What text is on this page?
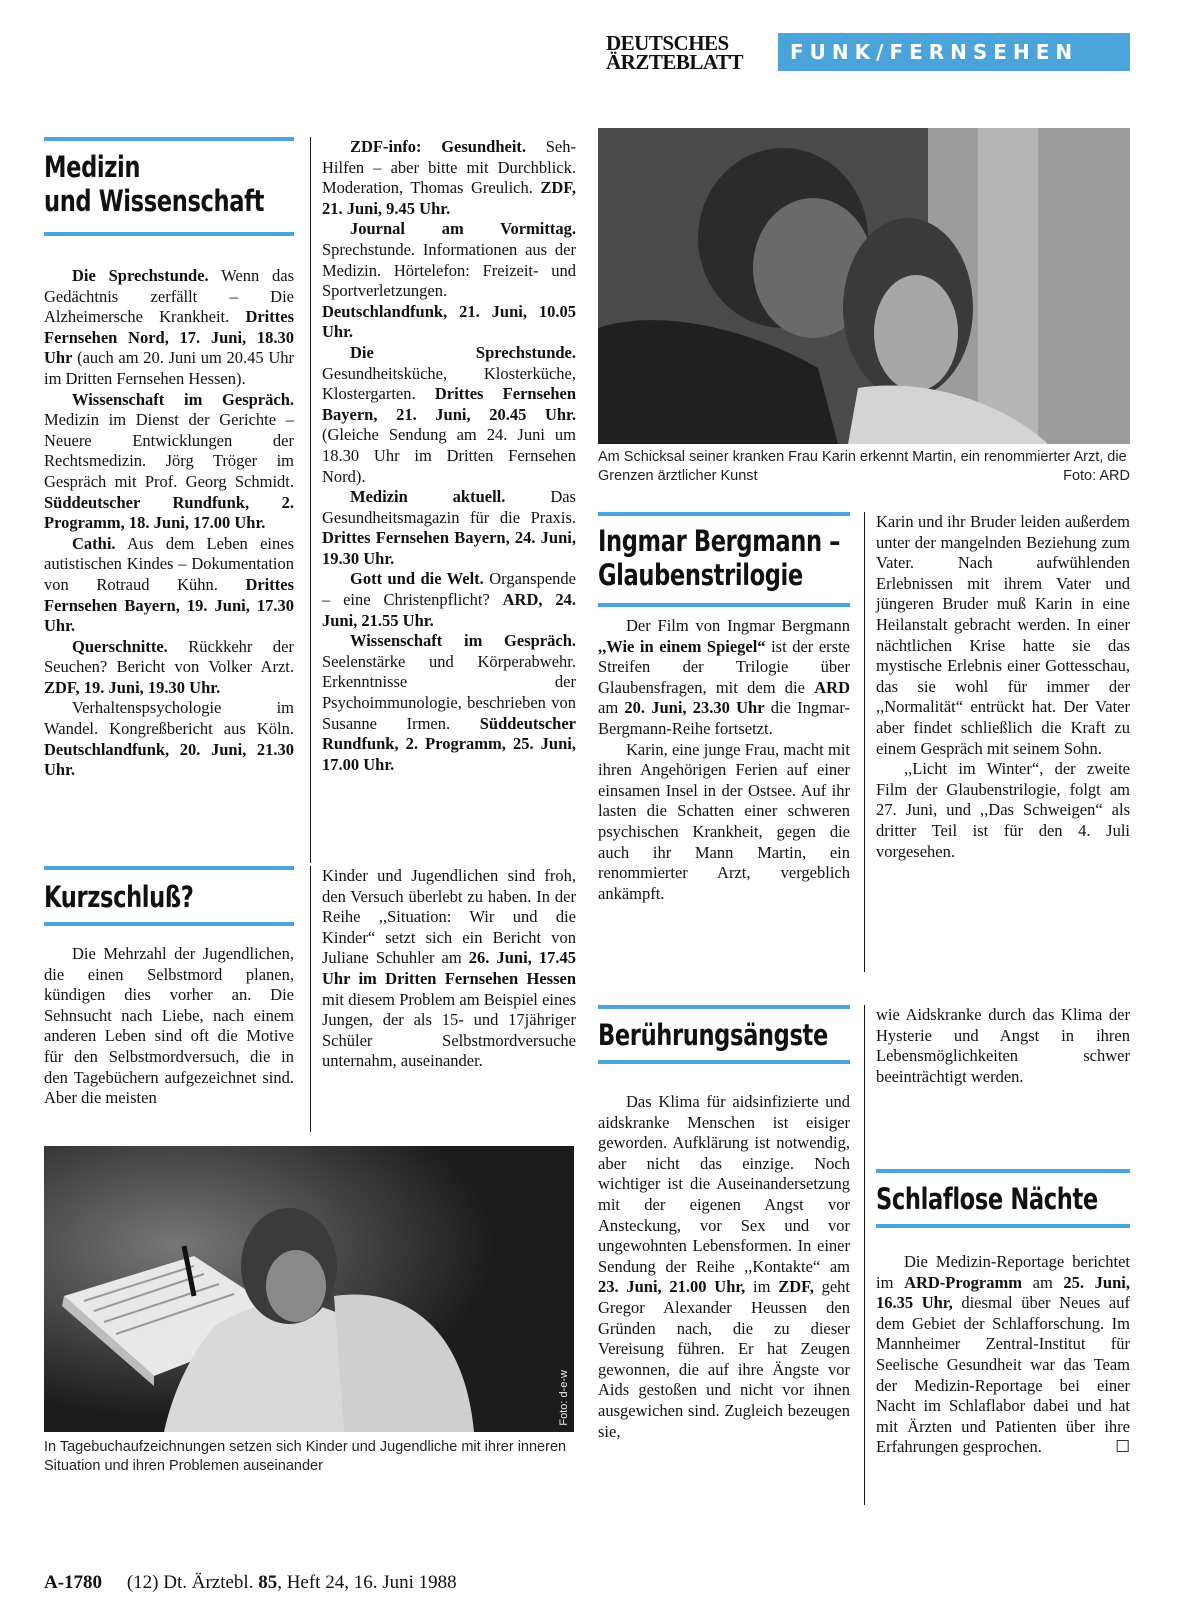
DEUTSCHES
ÄRZTEBLATT	FUNK/FERNSEHEN
Medizin
und Wissenschaft

Die Sprechstunde. Wenn das Gedächtnis zerfällt – Die Alzheimersche Krankheit. Drittes Fernsehen Nord, 17. Juni, 18.30 Uhr (auch am 20. Juni um 20.45 Uhr im Dritten Fernsehen Hessen).

Wissenschaft im Gespräch. Medizin im Dienst der Gerichte – Neuere Entwicklungen der Rechtsmedizin. Jörg Tröger im Gespräch mit Prof. Georg Schmidt. Süddeutscher Rundfunk, 2. Programm, 18. Juni, 17.00 Uhr.

Cathi. Aus dem Leben eines autistischen Kindes – Dokumentation von Rotraud Kühn. Drittes Fernsehen Bayern, 19. Juni, 17.30 Uhr.

Querschnitte. Rückkehr der Seuchen? Bericht von Volker Arzt. ZDF, 19. Juni, 19.30 Uhr.

Verhaltenspsychologie im Wandel. Kongreßbericht aus Köln. Deutschlandfunk, 20. Juni, 21.30 Uhr.

ZDF-info: Gesundheit. Seh-Hilfen – aber bitte mit Durchblick. Moderation, Thomas Greulich. ZDF, 21. Juni, 9.45 Uhr.

Journal am Vormittag. Sprechstunde. Informationen aus der Medizin. Hörtelefon: Freizeit- und Sportverletzungen. Deutschlandfunk, 21. Juni, 10.05 Uhr.

Die Sprechstunde. Gesundheitsküche, Klosterküche, Klostergarten. Drittes Fernsehen Bayern, 21. Juni, 20.45 Uhr. (Gleiche Sendung am 24. Juni um 18.30 Uhr im Dritten Fernsehen Nord).

Medizin aktuell. Das Gesundheitsmagazin für die Praxis. Drittes Fernsehen Bayern, 24. Juni, 19.30 Uhr.

Gott und die Welt. Organspende – eine Christenpflicht? ARD, 24. Juni, 21.55 Uhr.

Wissenschaft im Gespräch. Seelenstärke und Körperabwehr. Erkenntnisse der Psychoimmunologie, beschrieben von Susanne Irmen. Süddeutscher Rundfunk, 2. Programm, 25. Juni, 17.00 Uhr.

Kurzschluß?

Die Mehrzahl der Jugendlichen, die einen Selbstmord planen, kündigen dies vorher an. Die Sehnsucht nach Liebe, nach einem anderen Leben sind oft die Motive für den Selbstmordversuch, die in den Tagebüchern aufgezeichnet sind. Aber die meisten

Kinder und Jugendlichen sind froh, den Versuch überlebt zu haben. In der Reihe ,,Situation: Wir und die Kinder“ setzt sich ein Bericht von Juliane Schuhler am 26. Juni, 17.45 Uhr im Dritten Fernsehen Hessen mit diesem Problem am Beispiel eines Jungen, der als 15- und 17jähriger Schüler Selbstmordversuche unternahm, auseinander.

Foto: d-e-w
In Tagebuchaufzeichnungen setzen sich Kinder und Jugendliche mit ihrer inneren Situation und ihren Problemen auseinander
Am Schicksal seiner kranken Frau Karin erkennt Martin, ein renommierter Arzt, die Grenzen ärztlicher Kunst	Foto: ARD
Ingmar Bergmann –
Glaubenstrilogie

Der Film von Ingmar Bergmann ,,Wie in einem Spiegel“ ist der erste Streifen der Trilogie über Glaubensfragen, mit dem die ARD am 20. Juni, 23.30 Uhr die Ingmar-Bergmann-Reihe fortsetzt.

Karin, eine junge Frau, macht mit ihren Angehörigen Ferien auf einer einsamen Insel in der Ostsee. Auf ihr lasten die Schatten einer schweren psychischen Krankheit, gegen die auch ihr Mann Martin, ein renommierter Arzt, vergeblich ankämpft.

Karin und ihr Bruder leiden außerdem unter der mangelnden Beziehung zum Vater. Nach aufwühlenden Erlebnissen mit ihrem Vater und jüngeren Bruder muß Karin in eine Heilanstalt gebracht werden. In einer nächtlichen Krise hatte sie das mystische Erlebnis einer Gottesschau, das sie wohl für immer der ,,Normalität“ entrückt hat. Der Vater aber findet schließlich die Kraft zu einem Gespräch mit seinem Sohn.

,,Licht im Winter“, der zweite Film der Glaubenstrilogie, folgt am 27. Juni, und ,,Das Schweigen“ als dritter Teil ist für den 4. Juli vorgesehen.

Berührungsängste

Das Klima für aidsinfizierte und aidskranke Menschen ist eisiger geworden. Aufklärung ist notwendig, aber nicht das einzige. Noch wichtiger ist die Auseinandersetzung mit der eigenen Angst vor Ansteckung, vor Sex und vor ungewohnten Lebensformen. In einer Sendung der Reihe ,,Kontakte“ am 23. Juni, 21.00 Uhr, im ZDF, geht Gregor Alexander Heussen den Gründen nach, die zu dieser Vereisung führen. Er hat Zeugen gewonnen, die auf ihre Ängste vor Aids gestoßen und nicht vor ihnen ausgewichen sind. Zugleich bezeugen sie,

wie Aidskranke durch das Klima der Hysterie und Angst in ihren Lebensmöglichkeiten schwer beeinträchtigt werden.

Schlaflose Nächte

Die Medizin-Reportage berichtet im ARD-Programm am 25. Juni, 16.35 Uhr, diesmal über Neues auf dem Gebiet der Schlafforschung. Im Mannheimer Zentral-Institut für Seelische Gesundheit war das Team der Medizin-Reportage bei einer Nacht im Schlaflabor dabei und hat mit Ärzten und Patienten über ihre Erfahrungen gesprochen.	☐

A-1780 (12) Dt. Ärztebl. 85, Heft 24, 16. Juni 1988
